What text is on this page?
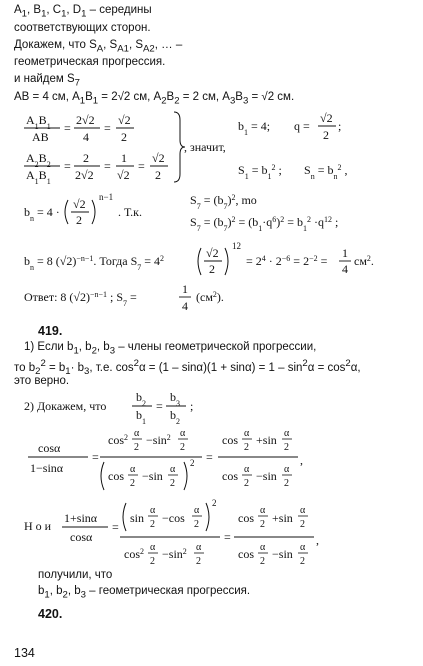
$A_1$, $B_1$, $C_1$, $D_1$ – середины
соответствующих сторон.
Докажем, что $S_A$, $S_{A1}$, $S_{A2}$, … –
геометрическая прогрессия.
и найдем $S_7$
AB = 4 см, $A_1B_1 = 2√2$ см, $A_2B_2 = 2$ см, $A_3B_3 = √2$ см.
$A_1B_1$
AB
=
2√2
4
=
√2
2
$A_2B_2$
$A_1B_1$
=
2
2√2
=
1
√2
=
√2
2
, значит,
$b_1 = 4$; q =
√2
2
;
$S_1 = b_1^2$ ; $S_n = b_n^2$ ,
$b_n = 4$ ·
√2
2
n−1
. Т.к.
$S_7 = (b_7)^2$, mo
$S_7 = (b_7)^2 = (b_1\cdot q^6)^2 = b_1^2 \cdot q^{12}$ ;
$b_n = 8$ $(√2)^{-n-1}$. Тогда $S_7 = 4^2$	√2
2
12
= $2^4 \cdot 2^{-6} = 2^{-2}$ =
1
4
$см^2$.
Ответ: 8 $(√2)^{-n-1}$ ; $S_7$ =
1
4
$(см^2)$.
419.
1) Если $b_1$, $b_2$, $b_3$ – члены геометрической прогрессии,
то $b_2^2 = b_1\cdot b_3$, т.е. $\cos^2\alpha = (1 - \sin\alpha)(1 + \sin\alpha) = 1 - \sin^2\alpha = \cos^2\alpha$,
это верно.
2) Докажем, что
$b_2$
$b_1$
=
$b_3$
$b_2$
;
cosα
1−sinα
=
$\cos^2 \alpha$
2
$-\sin^2$ α
2
cos α
2
−sin α
2
2 =
cos α
2
+sin α
2
cos α
2
−sin α
2
,
Н о и
1+sinα
cosα
=
sin
α
2 −cos
α
2
2
$\cos^2 \alpha$
2
$-\sin^2$ α
2
=
cos
α
2 +sin
α
2
cos α
2
−sin α
2
,
получили, что
$b_1$, $b_2$, $b_3$ – геометрическая прогрессия.
420.
134
